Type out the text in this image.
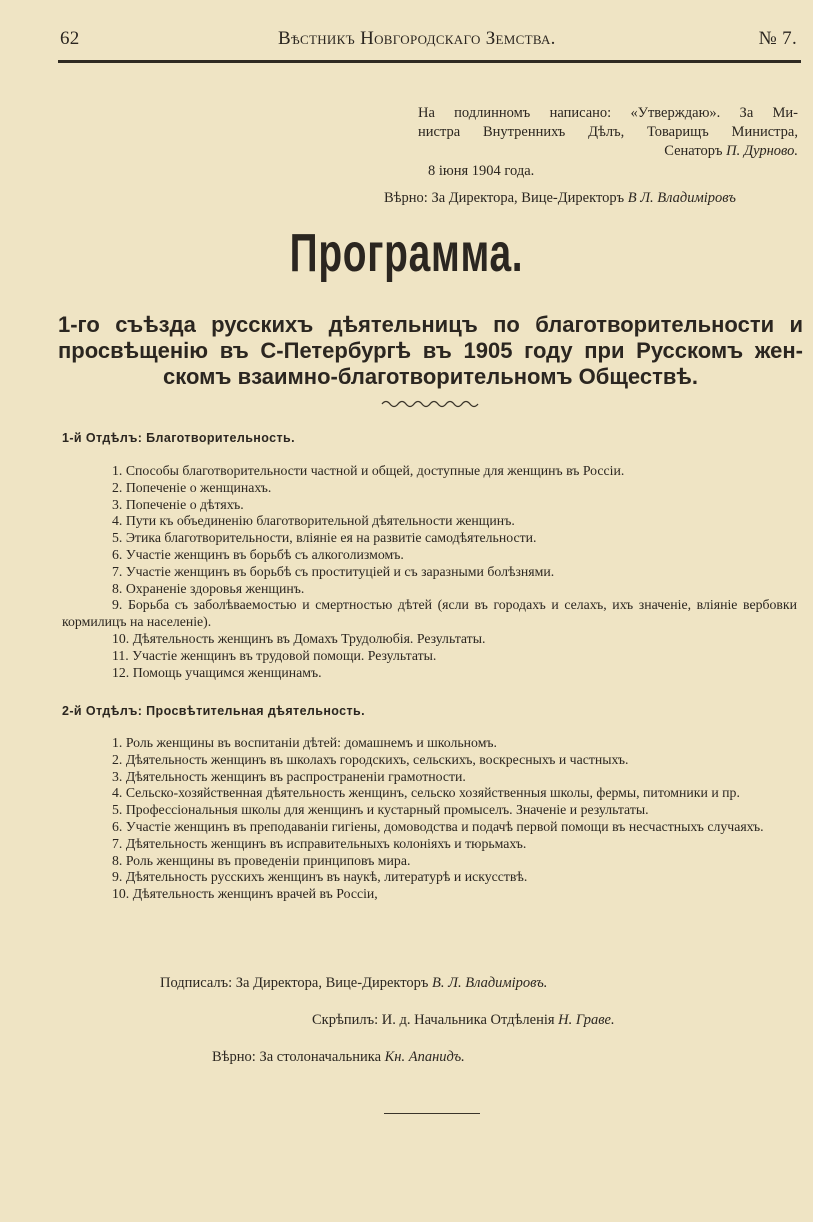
62	Вѣстникъ Новгородскаго Земства.	№ 7.
На подлинномъ написано: «Утверждаю». За Ми-
нистра Внутреннихъ Дѣлъ, Товарищъ Министра,
Сенаторъ П. Дурново.
8 іюня 1904 года.
Вѣрно: За Директора, Вице-Директоръ В Л. Владиміровъ
Программа.
1-го съѣзда русскихъ дѣятельницъ по благотворительности и
просвѣщенію въ С-Петербургѣ въ 1905 году при Русскомъ жен-
скомъ взаимно-благотворительномъ Обществѣ.
1-й Отдѣлъ: Благотворительность.
1. Способы благотворительности частной и общей, доступные для женщинъ въ Россіи.
2. Попеченіе о женщинахъ.
3. Попеченіе о дѣтяхъ.
4. Пути къ объединенію благотворительной дѣятельности женщинъ.
5. Этика благотворительности, вліяніе ея на развитіе самодѣятельности.
6. Участіе женщинъ въ борьбѣ съ алкоголизмомъ.
7. Участіе женщинъ въ борьбѣ съ проституціей и съ заразными болѣзнями.
8. Охраненіе здоровья женщинъ.
9. Борьба съ заболѣваемостью и смертностью дѣтей (ясли въ городахъ и селахъ, ихъ значеніе, вліяніе вербовки кормилицъ на населеніе).
10. Дѣятельность женщинъ въ Домахъ Трудолюбія. Результаты.
11. Участіе женщинъ въ трудовой помощи. Результаты.
12. Помощь учащимся женщинамъ.
2-й Отдѣлъ: Просвѣтительная дѣятельность.
1. Роль женщины въ воспитаніи дѣтей: домашнемъ и школьномъ.
2. Дѣятельность женщинъ въ школахъ городскихъ, сельскихъ, воскресныхъ и частныхъ.
3. Дѣятельность женщинъ въ распространеніи грамотности.
4. Сельско-хозяйственная дѣятельность женщинъ, сельско хозяйственныя школы, фермы, питомники и пр.
5. Профессіональныя школы для женщинъ и кустарный промыселъ. Значеніе и результаты.
6. Участіе женщинъ въ преподаваніи гигіены, домоводства и подачѣ первой помощи въ несчастныхъ случаяхъ.
7. Дѣятельность женщинъ въ исправительныхъ колоніяхъ и тюрьмахъ.
8. Роль женщины въ проведеніи принциповъ мира.
9. Дѣятельность русскихъ женщинъ въ наукѣ, литературѣ и искусствѣ.
10. Дѣятельность женщинъ врачей въ Россіи,
Подписалъ: За Директора, Вице-Директоръ В. Л. Владиміровъ.
Скрѣпилъ: И. д. Начальника Отдѣленія Н. Граве.
Вѣрно: За столоначальника Кн. Апанидъ.
